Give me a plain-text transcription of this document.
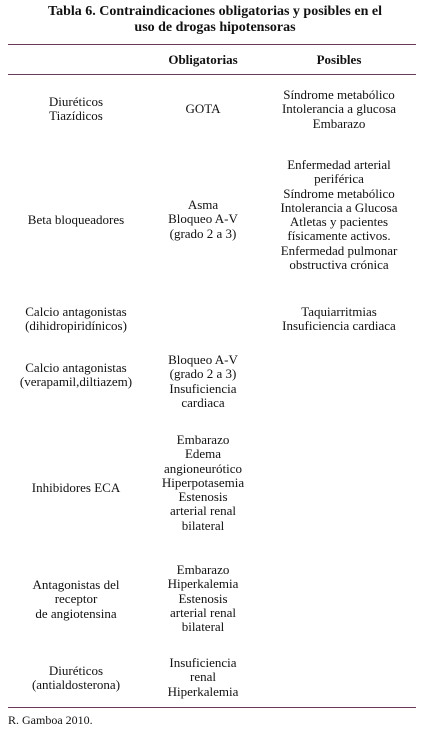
Tabla 6. Contraindicaciones obligatorias y posibles en el
uso de drogas hipotensoras
Obligatorias	Posibles
Diuréticos
Tiazídicos	GOTA
Síndrome metabólico
Intolerancia a glucosa
Embarazo
Beta bloqueadores
Asma
Bloqueo A-V
(grado 2 a 3)
Enfermedad arterial
periférica
Síndrome metabólico
Intolerancia a Glucosa
Atletas y pacientes
físicamente activos.
Enfermedad pulmonar
obstructiva crónica
Calcio antagonistas
(dihidropiridínicos)
Taquiarritmias
Insuficiencia cardiaca
Calcio antagonistas
(verapamil,diltiazem)
Bloqueo A-V
(grado 2 a 3)
Insuficiencia
cardiaca
Inhibidores ECA
Embarazo
Edema
angioneurótico
Hiperpotasemia
Estenosis
arterial renal
bilateral
Antagonistas del
receptor
de angiotensina
Embarazo
Hiperkalemia
Estenosis
arterial renal
bilateral
Diuréticos
(antialdosterona)
Insuficiencia
renal
Hiperkalemia
R. Gamboa 2010.
